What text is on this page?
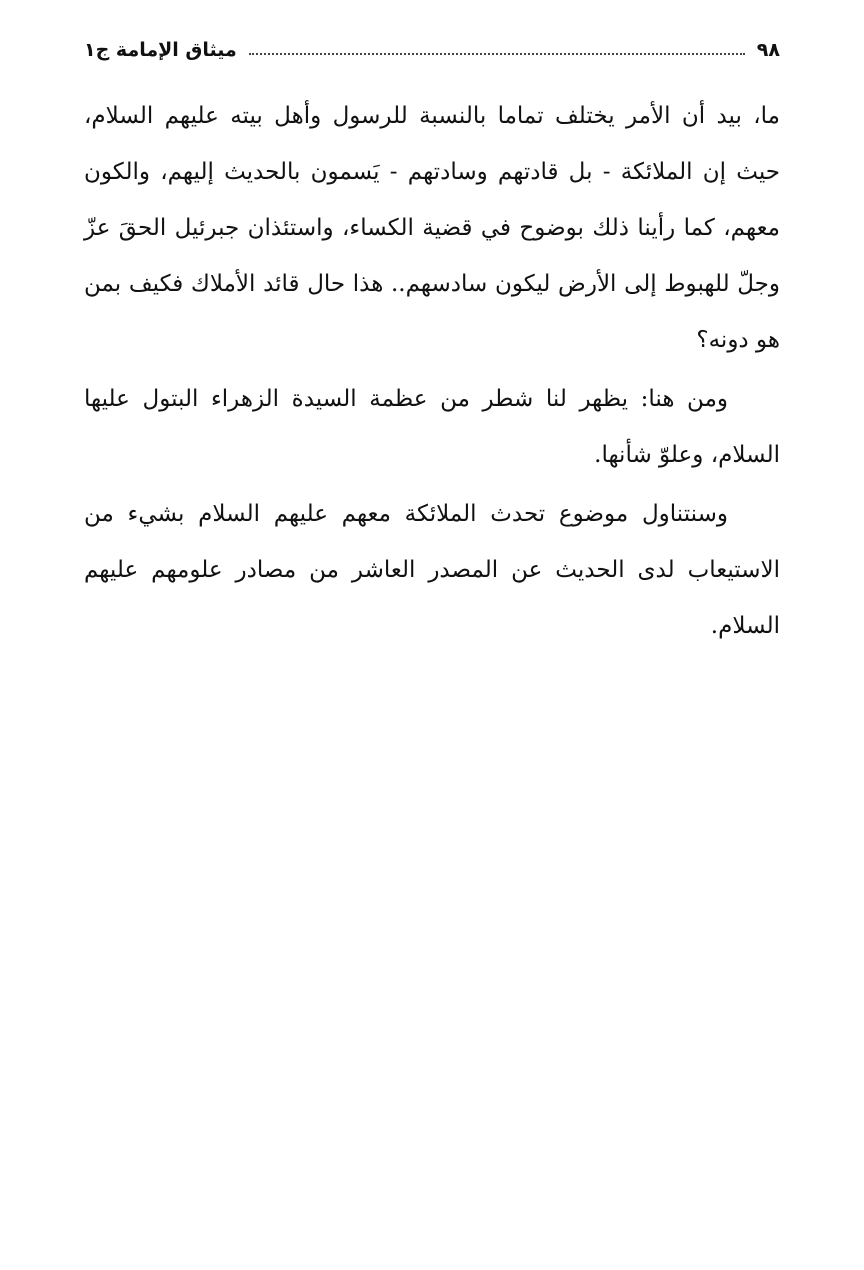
٩٨
ميثاق الإمامة ج١

ما، بيد أن الأمر يختلف تماما بالنسبة للرسول وأهل بيته عليهم السلام، حيث إن الملائكة - بل قادتهم وسادتهم - يَسمون بالحديث إليهم، والكون معهم، كما رأينا ذلك بوضوح في قضية الكساء، واستئذان جبرئيل الحقَ عزّ وجلّ للهبوط إلى الأرض ليكون سادسهم.. هذا حال قائد الأملاك فكيف بمن هو دونه؟

ومن هنا: يظهر لنا شطر من عظمة السيدة الزهراء البتول عليها السلام، وعلوّ شأنها.

وسنتناول موضوع تحدث الملائكة معهم عليهم السلام بشيء من الاستيعاب لدى الحديث عن المصدر العاشر من مصادر علومهم عليهم السلام.
